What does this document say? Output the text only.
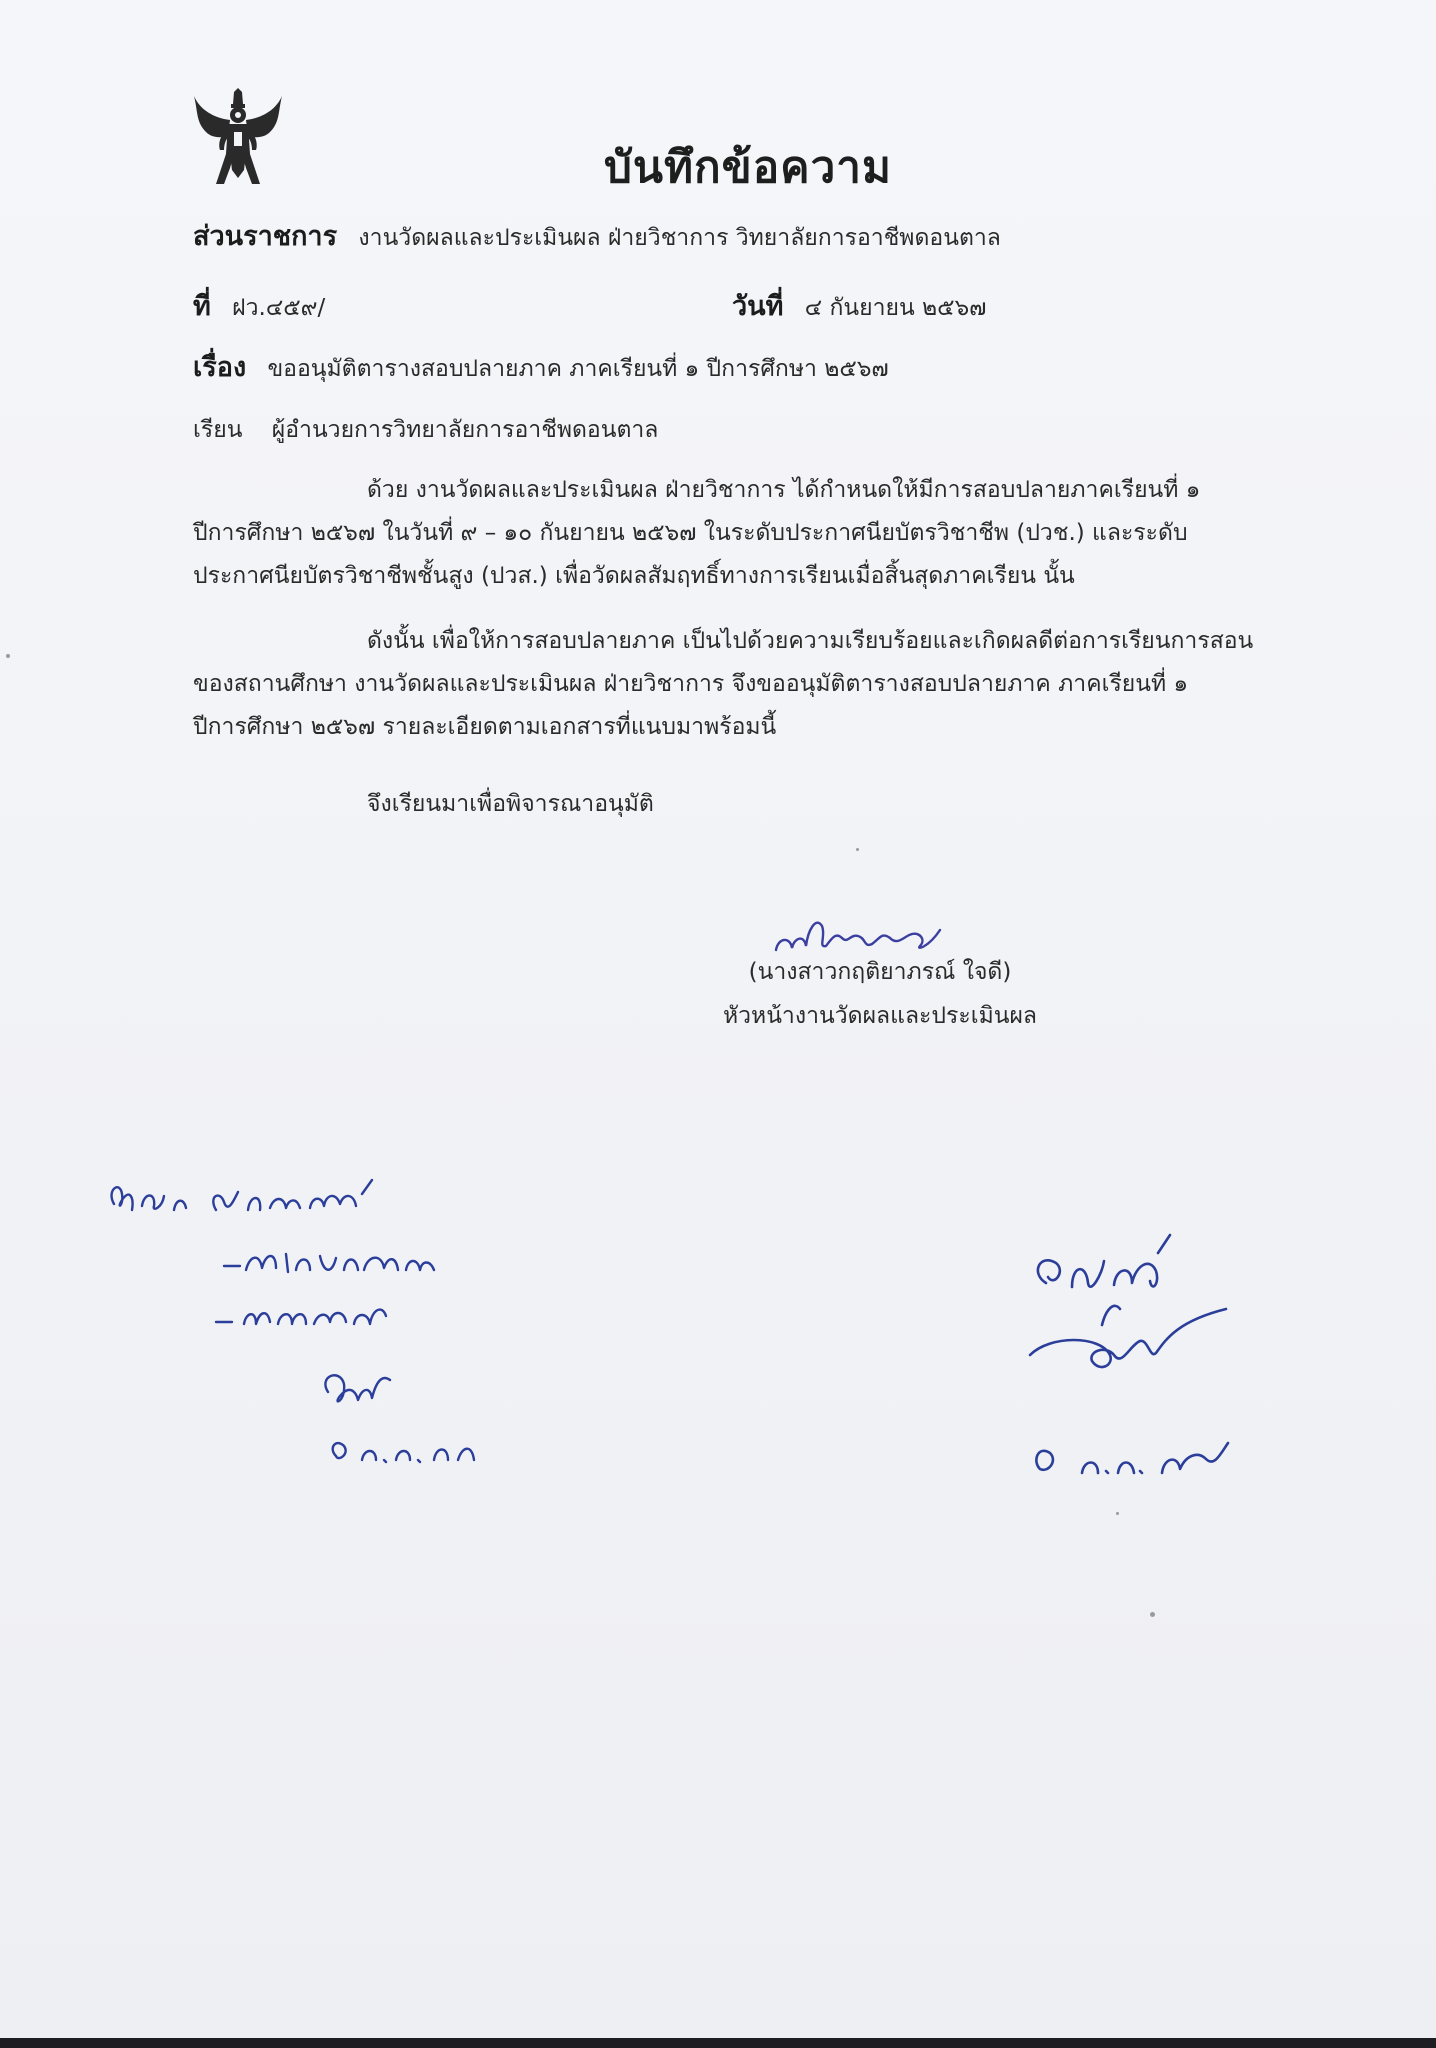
บันทึกข้อความ
ส่วนราชการ งานวัดผลและประเมินผล ฝ่ายวิชาการ วิทยาลัยการอาชีพดอนตาล
ที่ ฝว.๔๕๙/	วันที่ ๔ กันยายน ๒๕๖๗
เรื่อง ขออนุมัติตารางสอบปลายภาค ภาคเรียนที่ ๑ ปีการศึกษา ๒๕๖๗
เรียน ผู้อำนวยการวิทยาลัยการอาชีพดอนตาล
ด้วย งานวัดผลและประเมินผล ฝ่ายวิชาการ ได้กำหนดให้มีการสอบปลายภาคเรียนที่ ๑
ปีการศึกษา ๒๕๖๗ ในวันที่ ๙ – ๑๐ กันยายน ๒๕๖๗ ในระดับประกาศนียบัตรวิชาชีพ (ปวช.) และระดับ
ประกาศนียบัตรวิชาชีพชั้นสูง (ปวส.) เพื่อวัดผลสัมฤทธิ์ทางการเรียนเมื่อสิ้นสุดภาคเรียน นั้น
ดังนั้น เพื่อให้การสอบปลายภาค เป็นไปด้วยความเรียบร้อยและเกิดผลดีต่อการเรียนการสอน
ของสถานศึกษา งานวัดผลและประเมินผล ฝ่ายวิชาการ จึงขออนุมัติตารางสอบปลายภาค ภาคเรียนที่ ๑
ปีการศึกษา ๒๕๖๗ รายละเอียดตามเอกสารที่แนบมาพร้อมนี้
จึงเรียนมาเพื่อพิจารณาอนุมัติ
(นางสาวกฤติยาภรณ์ ใจดี)
หัวหน้างานวัดผลและประเมินผล
